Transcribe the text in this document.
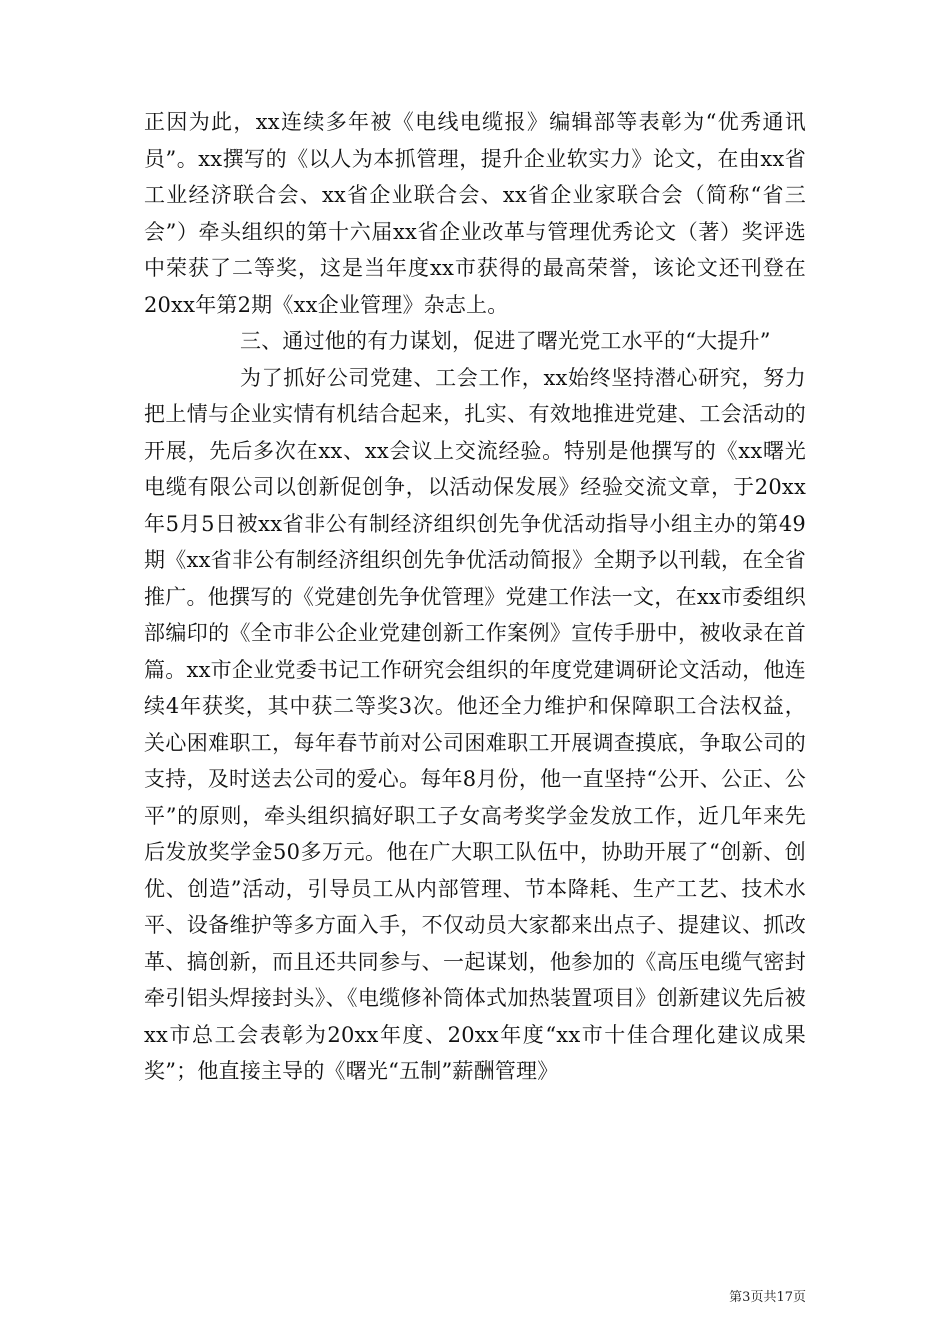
正因为此，xx连续多年被《电线电缆报》编辑部等表彰为“优秀通讯员”。xx撰写的《以人为本抓管理，提升企业软实力》论文，在由xx省工业经济联合会、xx省企业联合会、xx省企业家联合会（简称“省三会”）牵头组织的第十六届xx省企业改革与管理优秀论文（著）奖评选中荣获了二等奖，这是当年度xx市获得的最高荣誉，该论文还刊登在20xx年第2期《xx企业管理》杂志上。

三、通过他的有力谋划，促进了曙光党工水平的“大提升”

为了抓好公司党建、工会工作，xx始终坚持潜心研究，努力把上情与企业实情有机结合起来，扎实、有效地推进党建、工会活动的开展，先后多次在xx、xx会议上交流经验。特别是他撰写的《xx曙光电缆有限公司以创新促创争，以活动保发展》经验交流文章，于20xx年5月5日被xx省非公有制经济组织创先争优活动指导小组主办的第49期《xx省非公有制经济组织创先争优活动简报》全期予以刊载，在全省推广。他撰写的《党建创先争优管理》党建工作法一文，在xx市委组织部编印的《全市非公企业党建创新工作案例》宣传手册中，被收录在首篇。xx市企业党委书记工作研究会组织的年度党建调研论文活动，他连续4年获奖，其中获二等奖3次。他还全力维护和保障职工合法权益，关心困难职工，每年春节前对公司困难职工开展调查摸底，争取公司的支持，及时送去公司的爱心。每年8月份，他一直坚持“公开、公正、公平”的原则，牵头组织搞好职工子女高考奖学金发放工作，近几年来先后发放奖学金50多万元。他在广大职工队伍中，协助开展了“创新、创优、创造”活动，引导员工从内部管理、节本降耗、生产工艺、技术水平、设备维护等多方面入手，不仅动员大家都来出点子、提建议、抓改革、搞创新，而且还共同参与、一起谋划，他参加的《高压电缆气密封牵引铝头焊接封头》、《电缆修补筒体式加热装置项目》创新建议先后被xx市总工会表彰为20xx年度、20xx年度“xx市十佳合理化建议成果奖”；他直接主导的《曙光“五制”薪酬管理》

第3页共17页
